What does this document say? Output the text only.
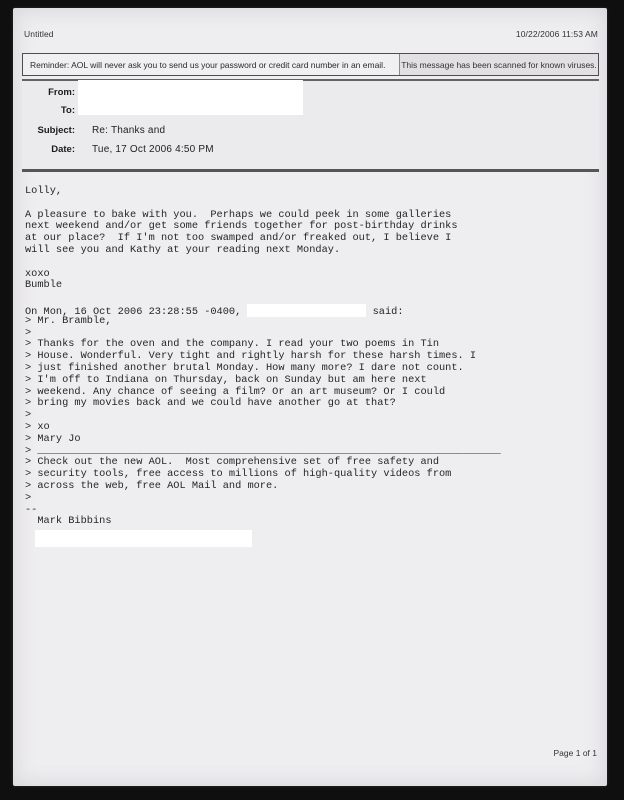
Untitled	10/22/2006 11:53 AM
Reminder: AOL will never ask you to send us your password or credit card number in an email.	This message has been scanned for known viruses.
From:
To:
Subject: Re: Thanks and
Date: Tue, 17 Oct 2006 4:50 PM
Lolly,
A pleasure to bake with you.  Perhaps we could peek in some galleries
next weekend and/or get some friends together for post-birthday drinks
at our place?  If I'm not too swamped and/or freaked out, I believe I
will see you and Kathy at your reading next Monday.
xoxo
Bumble
On Mon, 16 Oct 2006 23:28:55 -0400,	said:
> Mr. Bramble,
>
> Thanks for the oven and the company. I read your two poems in Tin
> House. Wonderful. Very tight and rightly harsh for these harsh times. I
> just finished another brutal Monday. How many more? I dare not count.
> I'm off to Indiana on Thursday, back on Sunday but am here next
> weekend. Any chance of seeing a film? Or an art museum? Or I could
> bring my movies back and we could have another go at that?
>
> xo
> Mary Jo
> ___________________________________________________________________________
> Check out the new AOL.  Most comprehensive set of free safety and
> security tools, free access to millions of high-quality videos from
> across the web, free AOL Mail and more.
>
--
Mark Bibbins
Page 1 of 1
